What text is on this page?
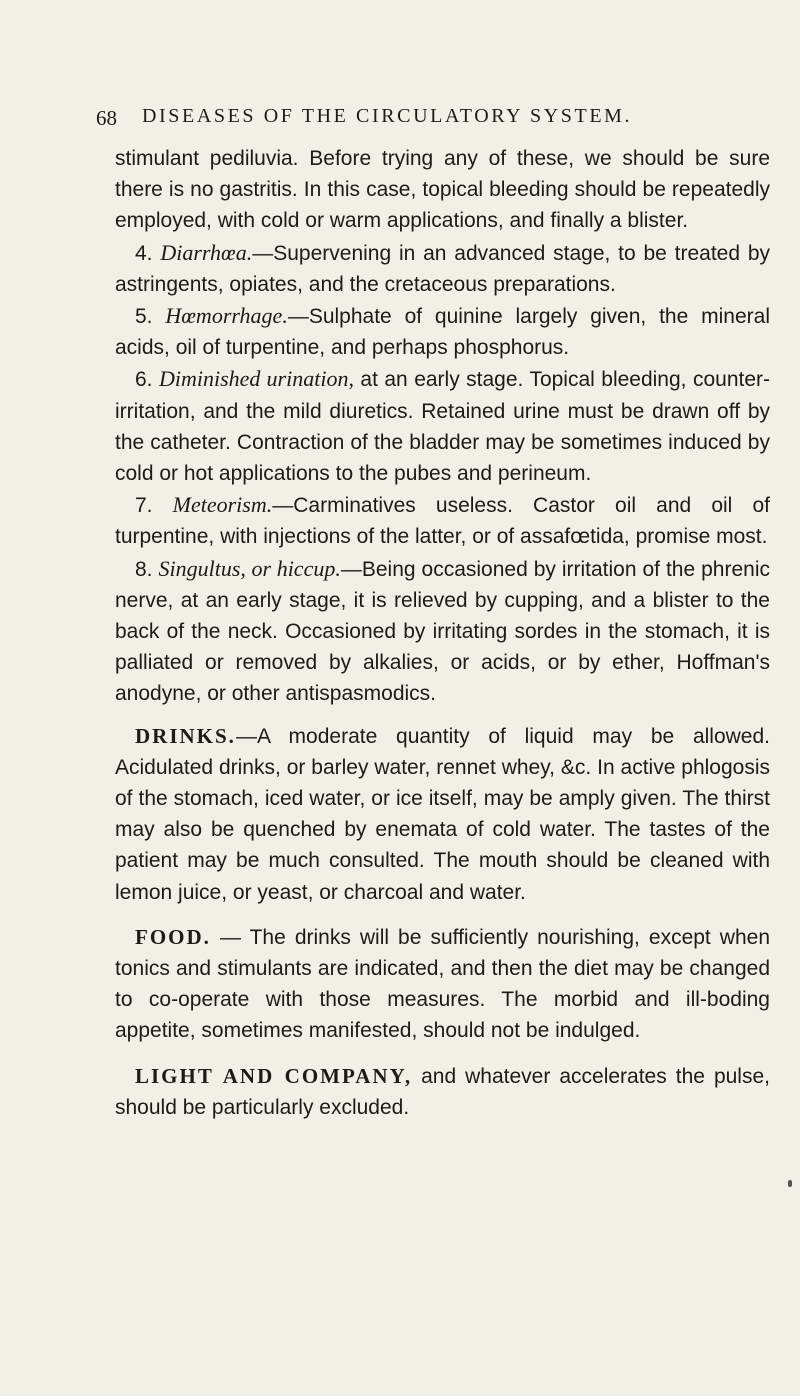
68 DISEASES OF THE CIRCULATORY SYSTEM.

stimulant pediluvia. Before trying any of these, we should be sure there is no gastritis. In this case, topical bleeding should be repeatedly employed, with cold or warm applications, and finally a blister.

4. Diarrhœa.—Supervening in an advanced stage, to be treated by astringents, opiates, and the cretaceous preparations.

5. Hœmorrhage.—Sulphate of quinine largely given, the mineral acids, oil of turpentine, and perhaps phosphorus.

6. Diminished urination, at an early stage. Topical bleeding, counter-irritation, and the mild diuretics. Retained urine must be drawn off by the catheter. Contraction of the bladder may be sometimes induced by cold or hot applications to the pubes and perineum.

7. Meteorism.—Carminatives useless. Castor oil and oil of turpentine, with injections of the latter, or of assafœtida, promise most.

8. Singultus, or hiccup.—Being occasioned by irritation of the phrenic nerve, at an early stage, it is relieved by cupping, and a blister to the back of the neck. Occasioned by irritating sordes in the stomach, it is palliated or removed by alkalies, or acids, or by ether, Hoffman's anodyne, or other antispasmodics.

DRINKS.—A moderate quantity of liquid may be allowed. Acidulated drinks, or barley water, rennet whey, &c. In active phlogosis of the stomach, iced water, or ice itself, may be amply given. The thirst may also be quenched by enemata of cold water. The tastes of the patient may be much consulted. The mouth should be cleaned with lemon juice, or yeast, or charcoal and water.

FOOD. — The drinks will be sufficiently nourishing, except when tonics and stimulants are indicated, and then the diet may be changed to co-operate with those measures. The morbid and ill-boding appetite, sometimes manifested, should not be indulged.

LIGHT AND COMPANY, and whatever accelerates the pulse, should be particularly excluded.
